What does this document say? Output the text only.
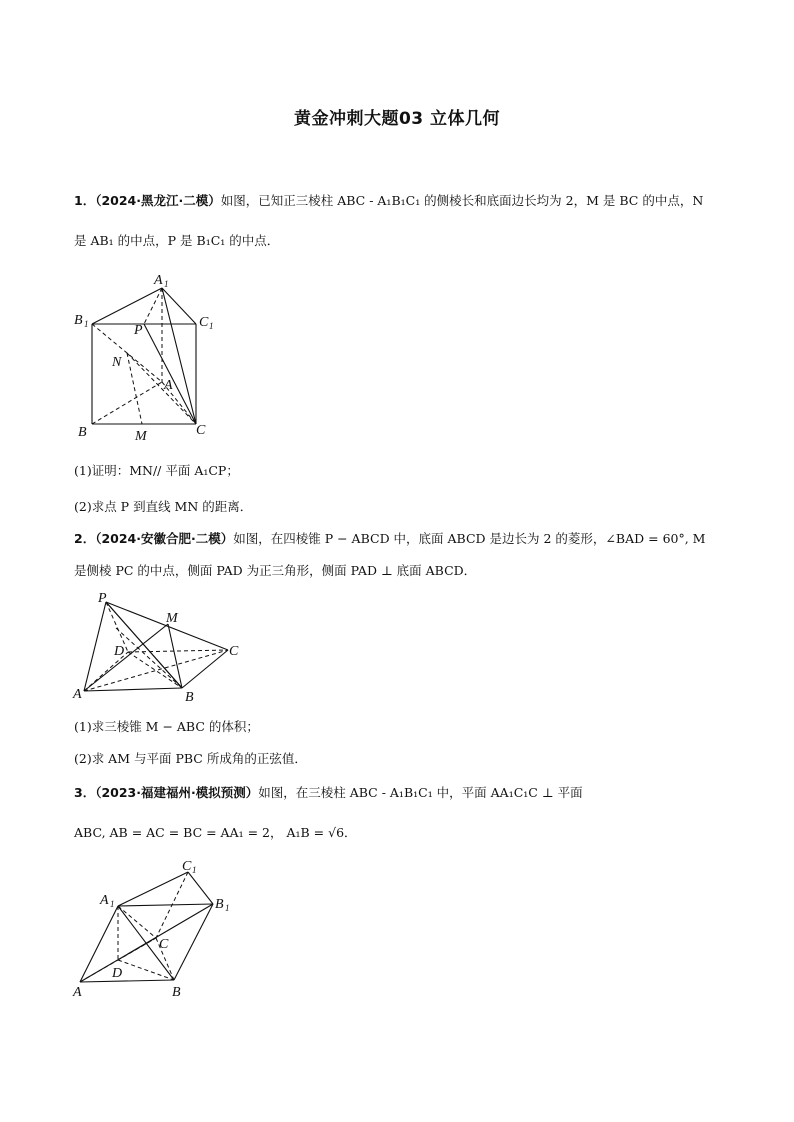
黄金冲刺大题03 立体几何
1．（2024·黑龙江·二模）如图，已知正三棱柱 ABC - A₁B₁C₁ 的侧棱长和底面边长均为 2，M 是 BC 的中点，N
是 AB₁ 的中点，P 是 B₁C₁ 的中点．
A 1
B 1	C 1
P
N
A
B	M	C
(1)证明：MN// 平面 A₁CP；
(2)求点 P 到直线 MN 的距离．
2．（2024·安徽合肥·二模）如图，在四棱锥 P − ABCD 中，底面 ABCD 是边长为 2 的菱形，∠BAD = 60°, M
是侧棱 PC 的中点，侧面 PAD 为正三角形，侧面 PAD ⊥ 底面 ABCD．
P
M
D	C
A	B
(1)求三棱锥 M − ABC 的体积；
(2)求 AM 与平面 PBC 所成角的正弦值．
3．（2023·福建福州·模拟预测）如图，在三棱柱 ABC - A₁B₁C₁ 中，平面 AA₁C₁C ⊥ 平面
ABC, AB = AC = BC = AA₁ = 2， A₁B = √6．
C 1
A 1	B 1
C
D
A	B
